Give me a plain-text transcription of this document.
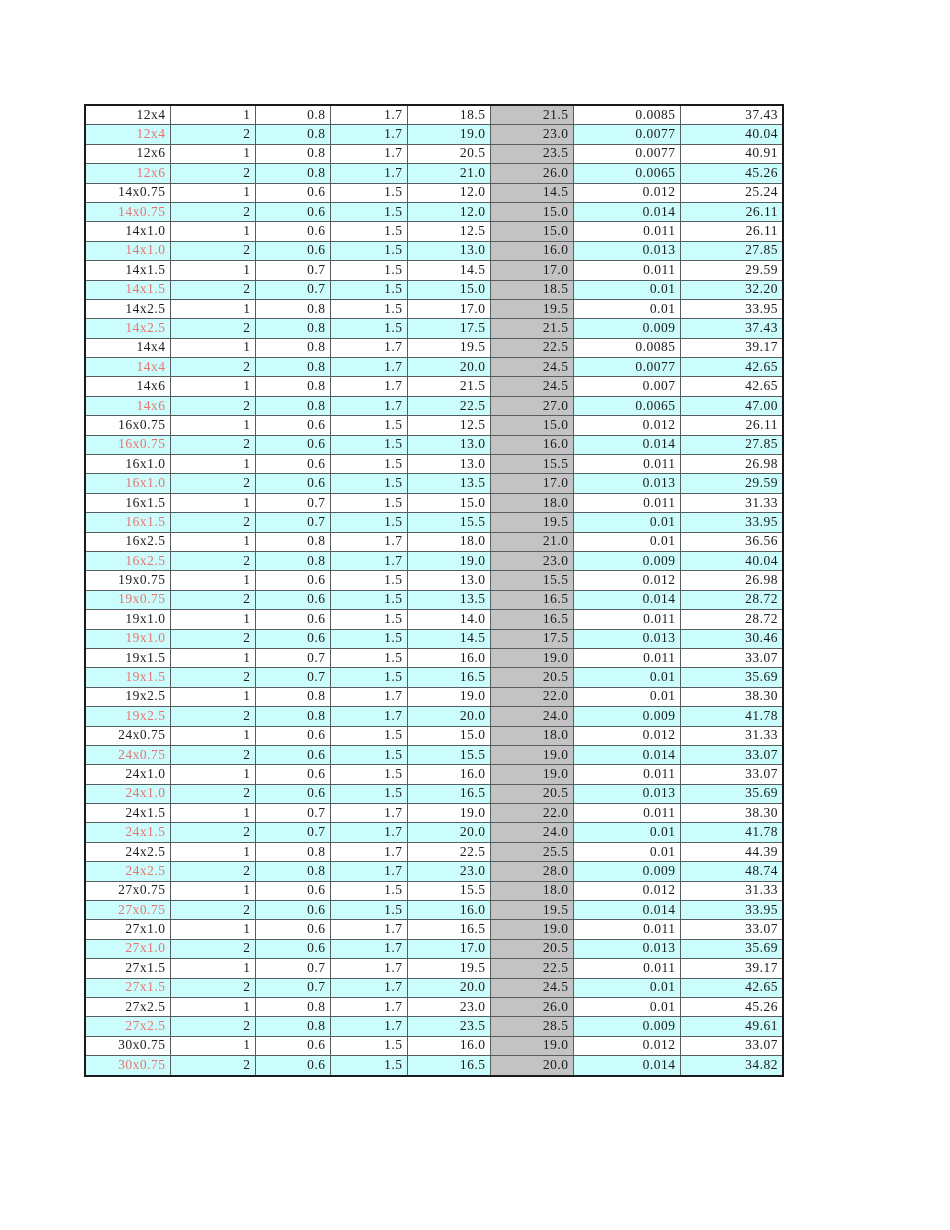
12x4	1	0.8	1.7	18.5	21.5	0.0085	37.43
12x4	2	0.8	1.7	19.0	23.0	0.0077	40.04
12x6	1	0.8	1.7	20.5	23.5	0.0077	40.91
12x6	2	0.8	1.7	21.0	26.0	0.0065	45.26
14x0.75	1	0.6	1.5	12.0	14.5	0.012	25.24
14x0.75	2	0.6	1.5	12.0	15.0	0.014	26.11
14x1.0	1	0.6	1.5	12.5	15.0	0.011	26.11
14x1.0	2	0.6	1.5	13.0	16.0	0.013	27.85
14x1.5	1	0.7	1.5	14.5	17.0	0.011	29.59
14x1.5	2	0.7	1.5	15.0	18.5	0.01	32.20
14x2.5	1	0.8	1.5	17.0	19.5	0.01	33.95
14x2.5	2	0.8	1.5	17.5	21.5	0.009	37.43
14x4	1	0.8	1.7	19.5	22.5	0.0085	39.17
14x4	2	0.8	1.7	20.0	24.5	0.0077	42.65
14x6	1	0.8	1.7	21.5	24.5	0.007	42.65
14x6	2	0.8	1.7	22.5	27.0	0.0065	47.00
16x0.75	1	0.6	1.5	12.5	15.0	0.012	26.11
16x0.75	2	0.6	1.5	13.0	16.0	0.014	27.85
16x1.0	1	0.6	1.5	13.0	15.5	0.011	26.98
16x1.0	2	0.6	1.5	13.5	17.0	0.013	29.59
16x1.5	1	0.7	1.5	15.0	18.0	0.011	31.33
16x1.5	2	0.7	1.5	15.5	19.5	0.01	33.95
16x2.5	1	0.8	1.7	18.0	21.0	0.01	36.56
16x2.5	2	0.8	1.7	19.0	23.0	0.009	40.04
19x0.75	1	0.6	1.5	13.0	15.5	0.012	26.98
19x0.75	2	0.6	1.5	13.5	16.5	0.014	28.72
19x1.0	1	0.6	1.5	14.0	16.5	0.011	28.72
19x1.0	2	0.6	1.5	14.5	17.5	0.013	30.46
19x1.5	1	0.7	1.5	16.0	19.0	0.011	33.07
19x1.5	2	0.7	1.5	16.5	20.5	0.01	35.69
19x2.5	1	0.8	1.7	19.0	22.0	0.01	38.30
19x2.5	2	0.8	1.7	20.0	24.0	0.009	41.78
24x0.75	1	0.6	1.5	15.0	18.0	0.012	31.33
24x0.75	2	0.6	1.5	15.5	19.0	0.014	33.07
24x1.0	1	0.6	1.5	16.0	19.0	0.011	33.07
24x1.0	2	0.6	1.5	16.5	20.5	0.013	35.69
24x1.5	1	0.7	1.7	19.0	22.0	0.011	38.30
24x1.5	2	0.7	1.7	20.0	24.0	0.01	41.78
24x2.5	1	0.8	1.7	22.5	25.5	0.01	44.39
24x2.5	2	0.8	1.7	23.0	28.0	0.009	48.74
27x0.75	1	0.6	1.5	15.5	18.0	0.012	31.33
27x0.75	2	0.6	1.5	16.0	19.5	0.014	33.95
27x1.0	1	0.6	1.7	16.5	19.0	0.011	33.07
27x1.0	2	0.6	1.7	17.0	20.5	0.013	35.69
27x1.5	1	0.7	1.7	19.5	22.5	0.011	39.17
27x1.5	2	0.7	1.7	20.0	24.5	0.01	42.65
27x2.5	1	0.8	1.7	23.0	26.0	0.01	45.26
27x2.5	2	0.8	1.7	23.5	28.5	0.009	49.61
30x0.75	1	0.6	1.5	16.0	19.0	0.012	33.07
30x0.75	2	0.6	1.5	16.5	20.0	0.014	34.82
